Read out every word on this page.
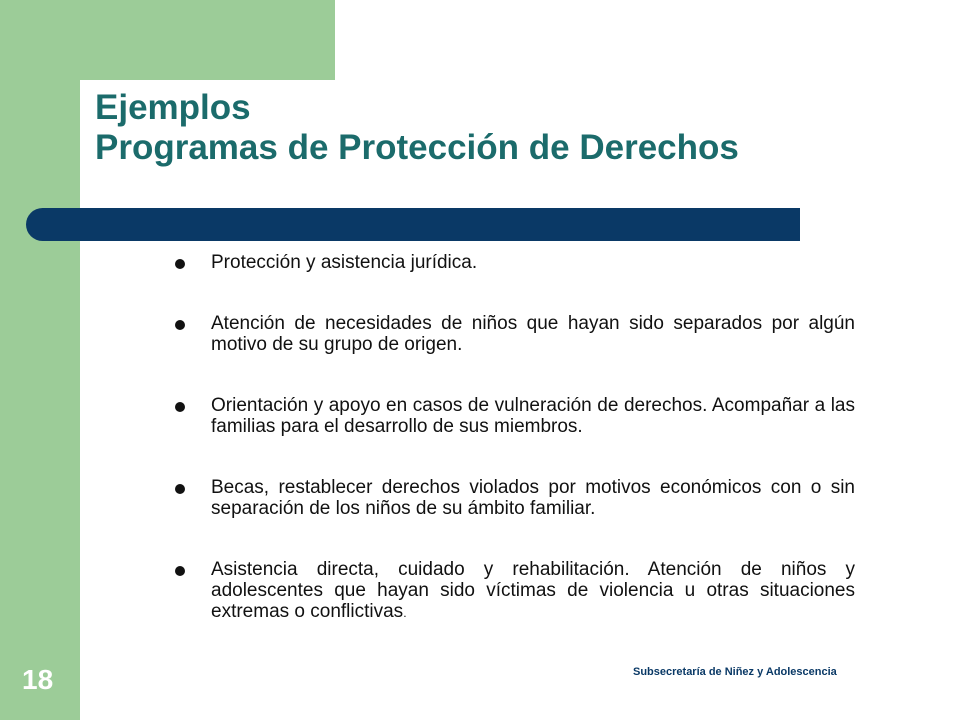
Ejemplos
Programas de Protección de Derechos
Protección y asistencia jurídica.
Atención de necesidades de niños que hayan sido separados por algún motivo de su grupo de origen.
Orientación y apoyo en casos de vulneración de derechos. Acompañar a las familias para el desarrollo de sus miembros.
Becas, restablecer derechos violados por motivos económicos con o sin separación de los niños de su ámbito familiar.
Asistencia directa, cuidado y rehabilitación. Atención de niños y adolescentes que hayan sido víctimas de violencia u otras situaciones extremas o conflictivas.
18	Subsecretaría de Niñez y Adolescencia
